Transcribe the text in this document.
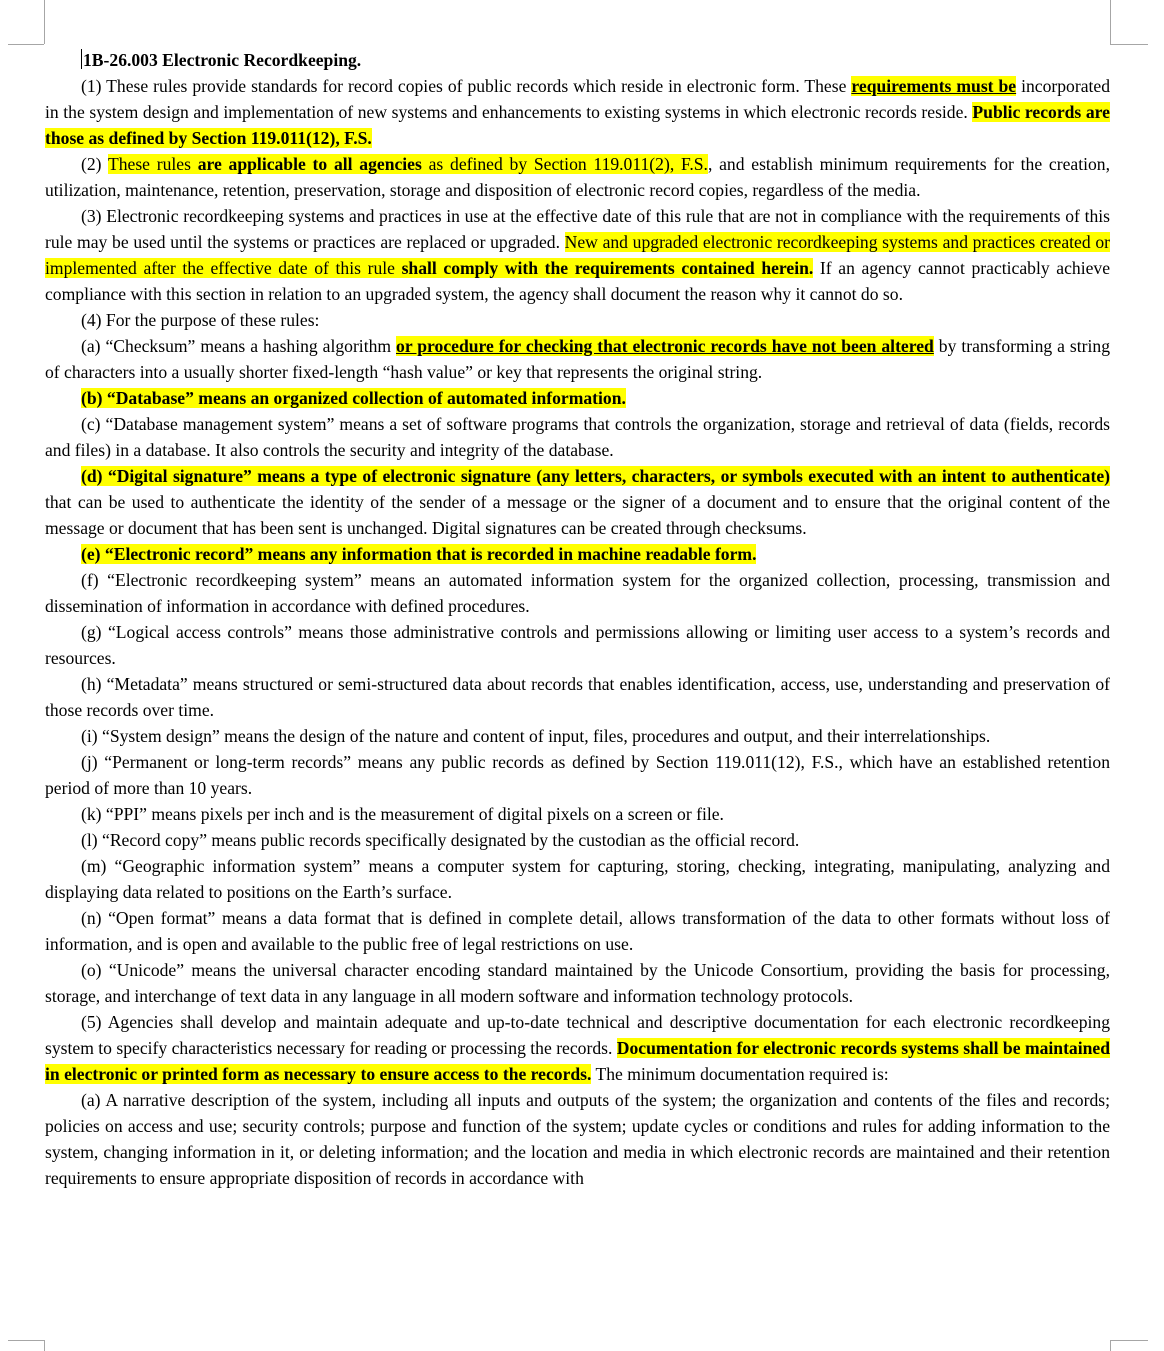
1B-26.003 Electronic Recordkeeping.

(1) These rules provide standards for record copies of public records which reside in electronic form. These requirements must be incorporated in the system design and implementation of new systems and enhancements to existing systems in which electronic records reside. Public records are those as defined by Section 119.011(12), F.S.

(2) These rules are applicable to all agencies as defined by Section 119.011(2), F.S., and establish minimum requirements for the creation, utilization, maintenance, retention, preservation, storage and disposition of electronic record copies, regardless of the media.

(3) Electronic recordkeeping systems and practices in use at the effective date of this rule that are not in compliance with the requirements of this rule may be used until the systems or practices are replaced or upgraded. New and upgraded electronic recordkeeping systems and practices created or implemented after the effective date of this rule shall comply with the requirements contained herein. If an agency cannot practicably achieve compliance with this section in relation to an upgraded system, the agency shall document the reason why it cannot do so.

(4) For the purpose of these rules:

(a) “Checksum” means a hashing algorithm or procedure for checking that electronic records have not been altered by transforming a string of characters into a usually shorter fixed-length “hash value” or key that represents the original string.

(b) “Database” means an organized collection of automated information.

(c) “Database management system” means a set of software programs that controls the organization, storage and retrieval of data (fields, records and files) in a database. It also controls the security and integrity of the database.

(d) “Digital signature” means a type of electronic signature (any letters, characters, or symbols executed with an intent to authenticate) that can be used to authenticate the identity of the sender of a message or the signer of a document and to ensure that the original content of the message or document that has been sent is unchanged. Digital signatures can be created through checksums.

(e) “Electronic record” means any information that is recorded in machine readable form.

(f) “Electronic recordkeeping system” means an automated information system for the organized collection, processing, transmission and dissemination of information in accordance with defined procedures.

(g) “Logical access controls” means those administrative controls and permissions allowing or limiting user access to a system’s records and resources.

(h) “Metadata” means structured or semi-structured data about records that enables identification, access, use, understanding and preservation of those records over time.

(i) “System design” means the design of the nature and content of input, files, procedures and output, and their interrelationships.

(j) “Permanent or long-term records” means any public records as defined by Section 119.011(12), F.S., which have an established retention period of more than 10 years.

(k) “PPI” means pixels per inch and is the measurement of digital pixels on a screen or file.

(l) “Record copy” means public records specifically designated by the custodian as the official record.

(m) “Geographic information system” means a computer system for capturing, storing, checking, integrating, manipulating, analyzing and displaying data related to positions on the Earth’s surface.

(n) “Open format” means a data format that is defined in complete detail, allows transformation of the data to other formats without loss of information, and is open and available to the public free of legal restrictions on use.

(o) “Unicode” means the universal character encoding standard maintained by the Unicode Consortium, providing the basis for processing, storage, and interchange of text data in any language in all modern software and information technology protocols.

(5) Agencies shall develop and maintain adequate and up-to-date technical and descriptive documentation for each electronic recordkeeping system to specify characteristics necessary for reading or processing the records. Documentation for electronic records systems shall be maintained in electronic or printed form as necessary to ensure access to the records. The minimum documentation required is:

(a) A narrative description of the system, including all inputs and outputs of the system; the organization and contents of the files and records; policies on access and use; security controls; purpose and function of the system; update cycles or conditions and rules for adding information to the system, changing information in it, or deleting information; and the location and media in which electronic records are maintained and their retention requirements to ensure appropriate disposition of records in accordance with
